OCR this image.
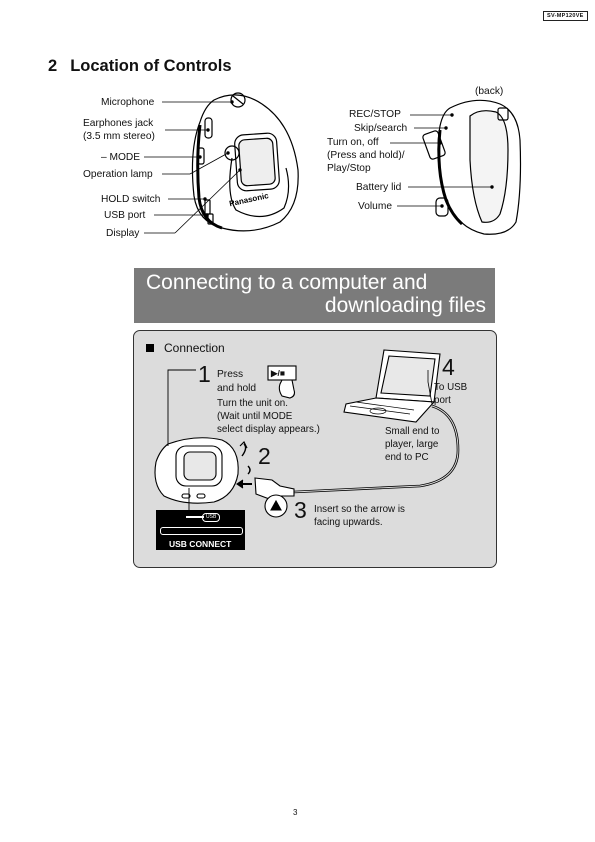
SV-MP120VE
2 Location of Controls
Panasonic
Microphone
Earphones jack
(3.5 mm stereo)
– MODE
Operation lamp
HOLD switch
USB port
Display
(back)
REC/STOP
Skip/search
Turn on, off
(Press and hold)/
Play/Stop
Battery lid
Volume
Connecting to a computer and
downloading files
Connection
1 Press
and hold
▶/■
Turn the unit on.
(Wait until MODE
select display appears.)
2
3 Insert so the arrow is
facing upwards.
4
To USB
port
Small end to
player, large
end to PC
USB
USB CONNECT
3
